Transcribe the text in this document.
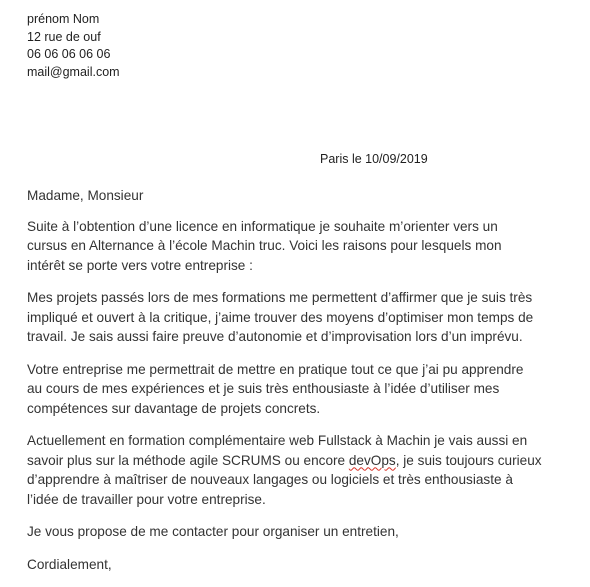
prénom Nom
12 rue de ouf
06 06 06 06 06
mail@gmail.com
Paris le 10/09/2019

Madame, Monsieur

Suite à l’obtention d’une licence en informatique je souhaite m’orienter vers un
cursus en Alternance à l’école Machin truc. Voici les raisons pour lesquels mon
intérêt se porte vers votre entreprise :

Mes projets passés lors de mes formations me permettent d’affirmer que je suis très
impliqué et ouvert à la critique, j’aime trouver des moyens d’optimiser mon temps de
travail. Je sais aussi faire preuve d’autonomie et d’improvisation lors d’un imprévu.

Votre entreprise me permettrait de mettre en pratique tout ce que j’ai pu apprendre
au cours de mes expériences et je suis très enthousiaste à l’idée d’utiliser mes
compétences sur davantage de projets concrets.

Actuellement en formation complémentaire web Fullstack à Machin je vais aussi en
savoir plus sur la méthode agile SCRUMS ou encore devOps, je suis toujours curieux
d’apprendre à maîtriser de nouveaux langages ou logiciels et très enthousiaste à
l’idée de travailler pour votre entreprise.

Je vous propose de me contacter pour organiser un entretien,

Cordialement,
